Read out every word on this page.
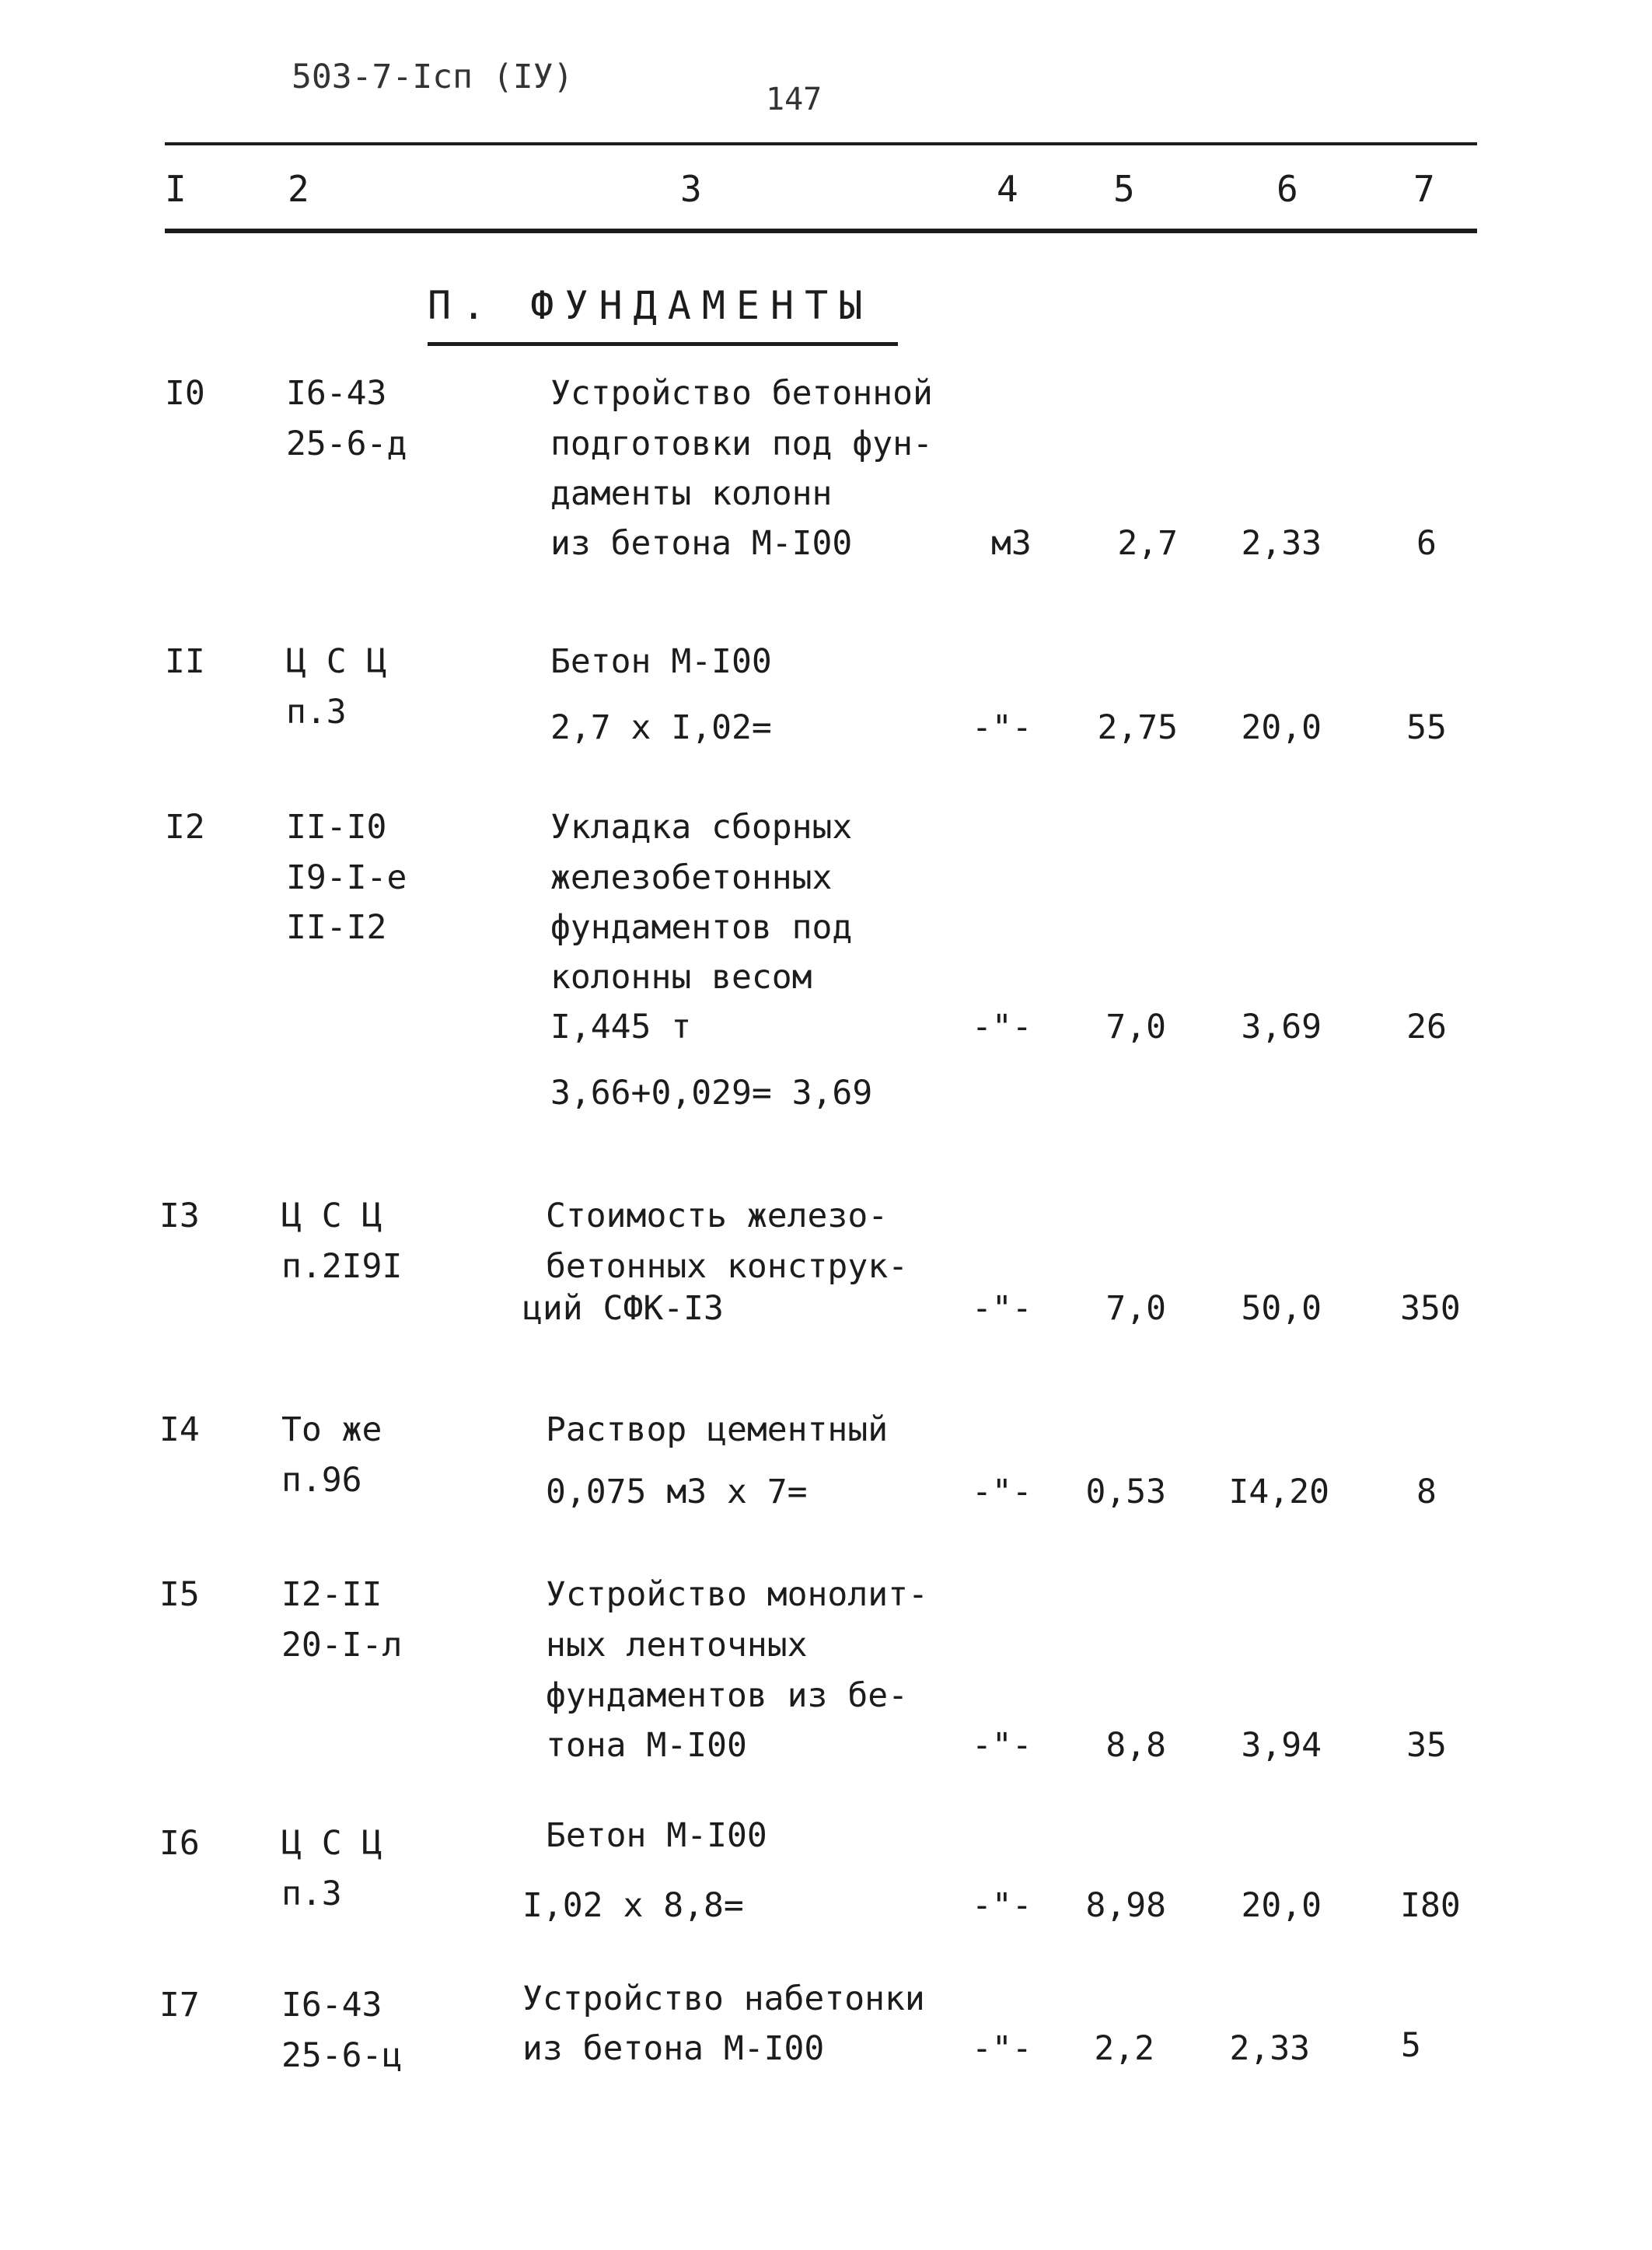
503-7-Iсп (IУ)
147
I	2	3	4	5	6	7
П. ФУНДАМЕНТЫ
I0 I6-43
25-6-д
Устройство бетонной
подготовки под фун-
даменты колонн
из бетона М-I00	м3	2,7	2,33	6
II Ц С Ц
п.3
Бетон М-I00
2,7 х I,02=	-"-	2,75	20,0	55
I2 II-I0
I9-I-е
II-I2
Укладка сборных
железобетонных
фундаментов под
колонны весом
I,445 т
3,66+0,029= 3,69
-"-	7,0	3,69	26
I3 Ц С Ц
п.2I9I
Стоимость железо-
бетонных конструк-
ций СФК-I3	-"-	7,0	50,0	350
I4 То же
п.96
Раствор цементный
0,075 м3 х 7=	-"-	0,53	I4,20	8
I5 I2-II
20-I-л
Устройство монолит-
ных ленточных
фундаментов из бе-
тона М-I00	-"-	8,8	3,94	35
I6 Ц С Ц
п.3
Бетон М-I00
I,02 х 8,8=	-"-	8,98	20,0	I80
I7 I6-43
25-6-ц
Устройство набетонки
из бетона М-I00	-"-	2,2	2,33	5
